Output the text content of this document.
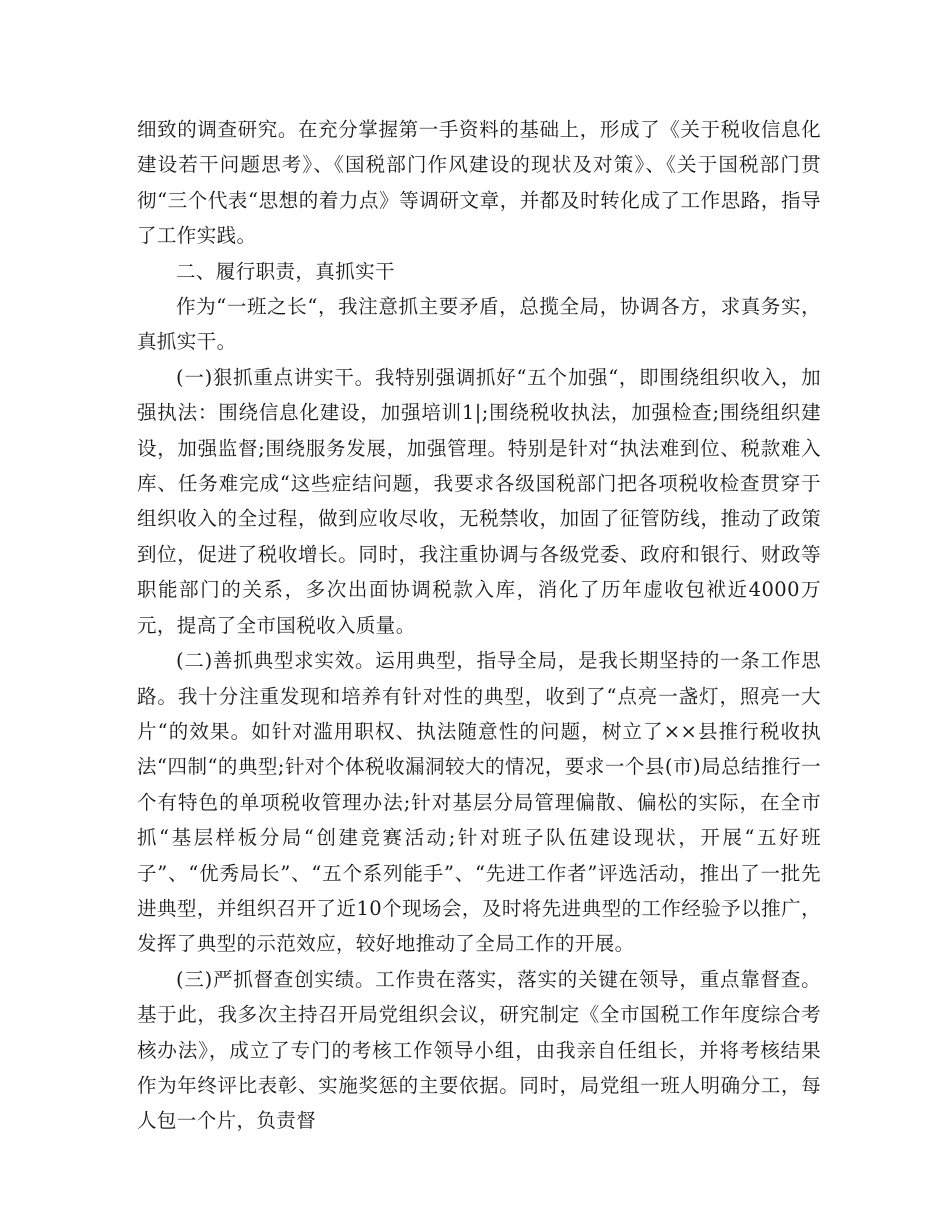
细致的调查研究。在充分掌握第一手资料的基础上，形成了《关于税收信息化建设若干问题思考》、《国税部门作风建设的现状及对策》、《关于国税部门贯彻“三个代表“思想的着力点》等调研文章，并都及时转化成了工作思路，指导了工作实践。

二、履行职责，真抓实干

作为“一班之长“，我注意抓主要矛盾，总揽全局，协调各方，求真务实，真抓实干。

(一)狠抓重点讲实干。我特别强调抓好“五个加强“，即围绕组织收入，加强执法：围绕信息化建设，加强培训1|;围绕税收执法，加强检查;围绕组织建设，加强监督;围绕服务发展，加强管理。特别是针对“执法难到位、税款难入库、任务难完成“这些症结问题，我要求各级国税部门把各项税收检查贯穿于组织收入的全过程，做到应收尽收，无税禁收，加固了征管防线，推动了政策到位，促进了税收增长。同时，我注重协调与各级党委、政府和银行、财政等职能部门的关系，多次出面协调税款入库，消化了历年虚收包袱近4000万元，提高了全市国税收入质量。

(二)善抓典型求实效。运用典型，指导全局，是我长期坚持的一条工作思路。我十分注重发现和培养有针对性的典型，收到了“点亮一盏灯，照亮一大片“的效果。如针对滥用职权、执法随意性的问题，树立了××县推行税收执法“四制“的典型;针对个体税收漏洞较大的情况，要求一个县(市)局总结推行一个有特色的单项税收管理办法;针对基层分局管理偏散、偏松的实际，在全市抓“基层样板分局“创建竞赛活动;针对班子队伍建设现状，开展“五好班子”、“优秀局长”、“五个系列能手”、“先进工作者”评选活动，推出了一批先进典型，并组织召开了近10个现场会，及时将先进典型的工作经验予以推广，发挥了典型的示范效应，较好地推动了全局工作的开展。

(三)严抓督查创实绩。工作贵在落实，落实的关键在领导，重点靠督查。基于此，我多次主持召开局党组织会议，研究制定《全市国税工作年度综合考核办法》，成立了专门的考核工作领导小组，由我亲自任组长，并将考核结果作为年终评比表彰、实施奖惩的主要依据。同时，局党组一班人明确分工，每人包一个片，负责督
